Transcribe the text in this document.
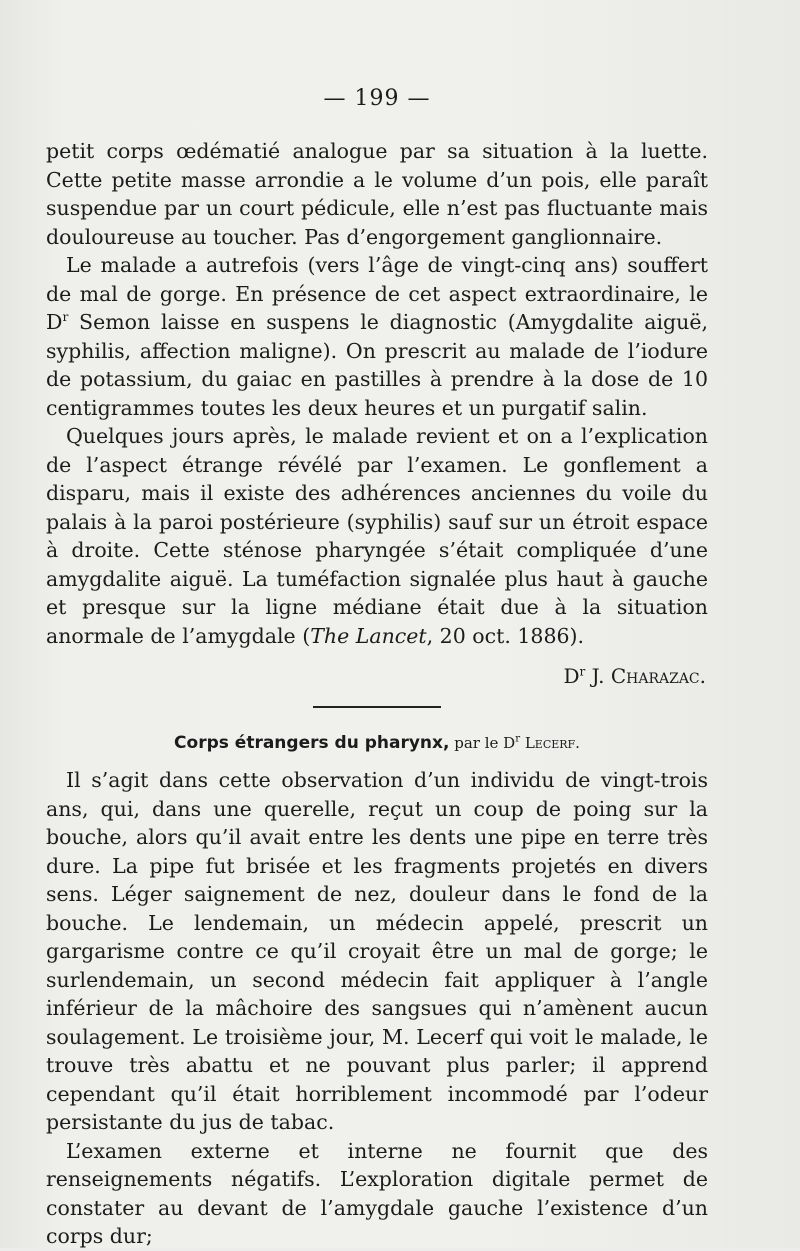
— 199 —

petit corps œdématié analogue par sa situation à la luette. Cette petite masse arrondie a le volume d’un pois, elle paraît suspendue par un court pédicule, elle n’est pas fluctuante mais douloureuse au toucher. Pas d’engorgement ganglionnaire.

Le malade a autrefois (vers l’âge de vingt-cinq ans) souffert de mal de gorge. En présence de cet aspect extraordinaire, le $D^r$ Semon laisse en suspens le diagnostic (Amygdalite aiguë, syphilis, affection maligne). On prescrit au malade de l’iodure de potassium, du gaiac en pastilles à prendre à la dose de 10 centigrammes toutes les deux heures et un purgatif salin.

Quelques jours après, le malade revient et on a l’explication de l’aspect étrange révélé par l’examen. Le gonflement a disparu, mais il existe des adhérences anciennes du voile du palais à la paroi postérieure (syphilis) sauf sur un étroit espace à droite. Cette sténose pharyngée s’était compliquée d’une amygdalite aiguë. La tuméfaction signalée plus haut à gauche et presque sur la ligne médiane était due à la situation anormale de l’amygdale (The Lancet, 20 oct. 1886).

$D^r$ J. Charazac.
Corps étrangers du pharynx, par le $D^r$ Lecerf.

Il s’agit dans cette observation d’un individu de vingt-trois ans, qui, dans une querelle, reçut un coup de poing sur la bouche, alors qu’il avait entre les dents une pipe en terre très dure. La pipe fut brisée et les fragments projetés en divers sens. Léger saignement de nez, douleur dans le fond de la bouche. Le lendemain, un médecin appelé, prescrit un gargarisme contre ce qu’il croyait être un mal de gorge; le surlendemain, un second médecin fait appliquer à l’angle inférieur de la mâchoire des sangsues qui n’amènent aucun soulagement. Le troisième jour, M. Lecerf qui voit le malade, le trouve très abattu et ne pouvant plus parler; il apprend cependant qu’il était horriblement incommodé par l’odeur persistante du jus de tabac.

L’examen externe et interne ne fournit que des renseignements négatifs. L’exploration digitale permet de constater au devant de l’amygdale gauche l’existence d’un corps dur;
